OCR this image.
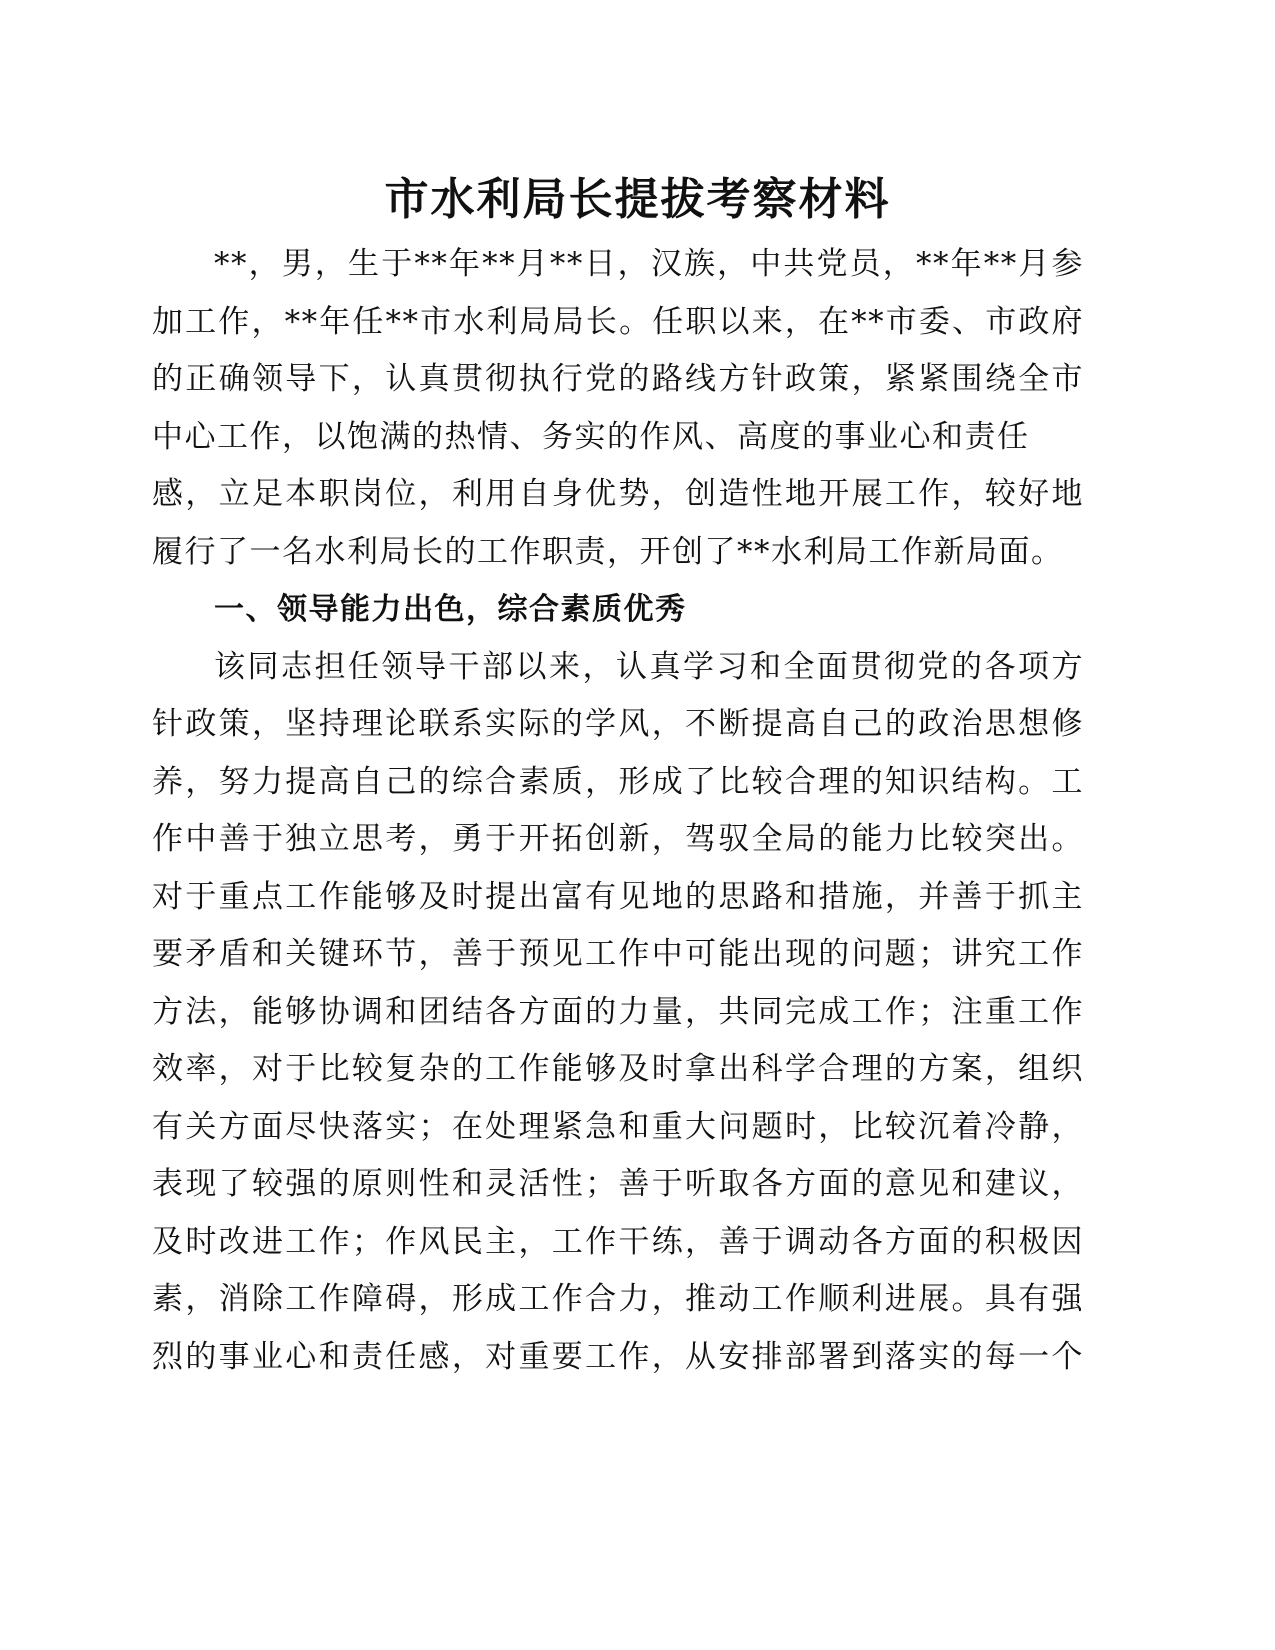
市水利局长提拔考察材料
**，男，生于**年**月**日，汉族，中共党员，**年**月参
加工作，**年任**市水利局局长。任职以来，在**市委、市政府
的正确领导下，认真贯彻执行党的路线方针政策，紧紧围绕全市
中心工作，以饱满的热情、务实的作风、高度的事业心和责任
感，立足本职岗位，利用自身优势，创造性地开展工作，较好地
履行了一名水利局长的工作职责，开创了**水利局工作新局面。
一、领导能力出色，综合素质优秀
该同志担任领导干部以来，认真学习和全面贯彻党的各项方
针政策，坚持理论联系实际的学风，不断提高自己的政治思想修
养，努力提高自己的综合素质，形成了比较合理的知识结构。工
作中善于独立思考，勇于开拓创新，驾驭全局的能力比较突出。
对于重点工作能够及时提出富有见地的思路和措施，并善于抓主
要矛盾和关键环节，善于预见工作中可能出现的问题；讲究工作
方法，能够协调和团结各方面的力量，共同完成工作；注重工作
效率，对于比较复杂的工作能够及时拿出科学合理的方案，组织
有关方面尽快落实；在处理紧急和重大问题时，比较沉着冷静，
表现了较强的原则性和灵活性；善于听取各方面的意见和建议，
及时改进工作；作风民主，工作干练，善于调动各方面的积极因
素，消除工作障碍，形成工作合力，推动工作顺利进展。具有强
烈的事业心和责任感，对重要工作，从安排部署到落实的每一个
